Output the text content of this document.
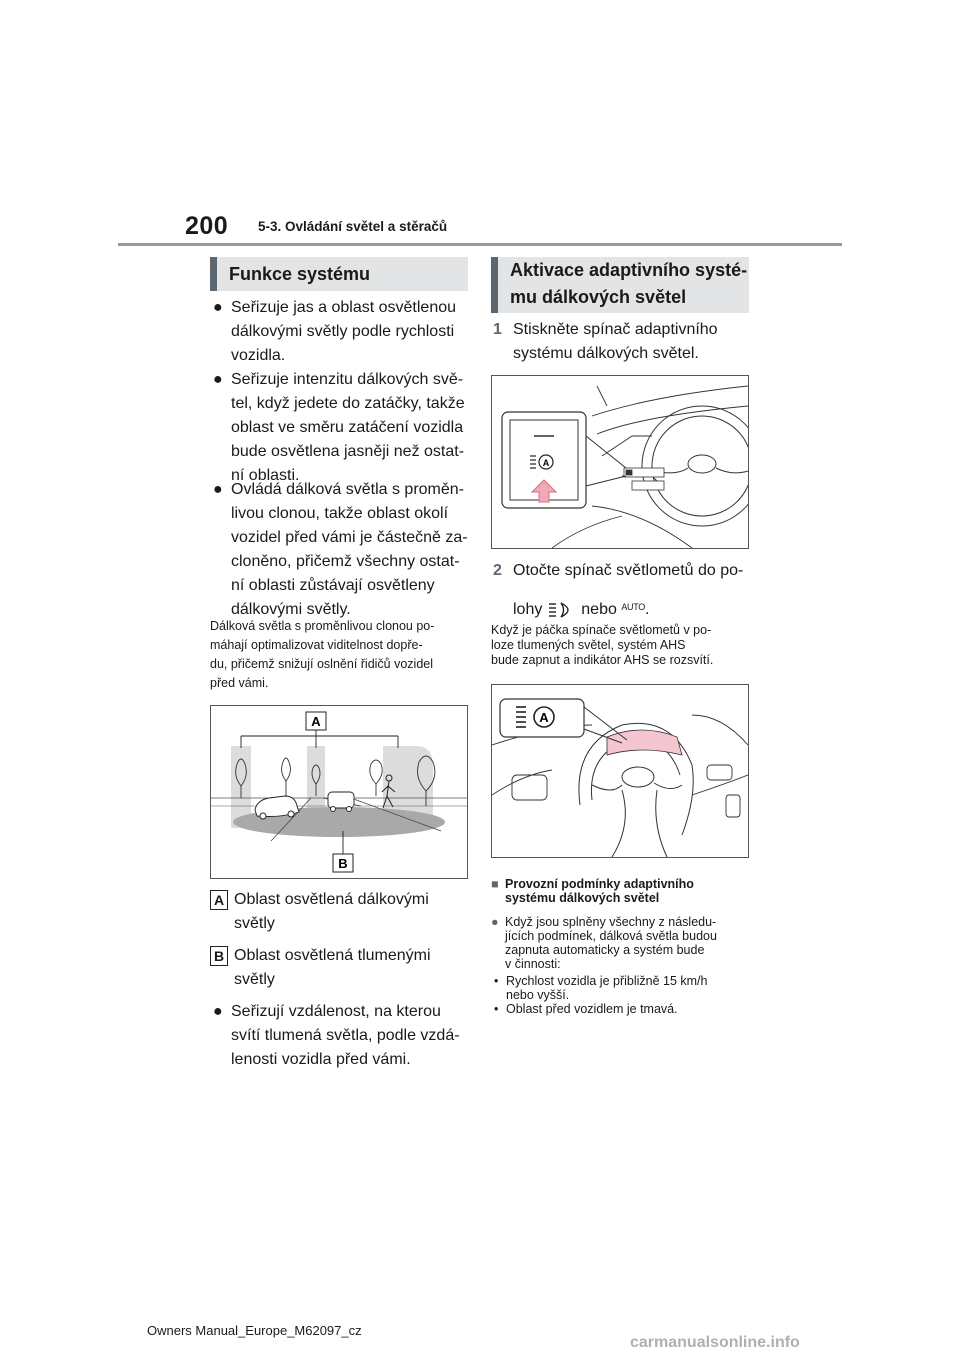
200 5-3. Ovládání světel a stěračů
Funkce systému
● Seřizuje jas a oblast osvětlenou
dálkovými světly podle rychlosti
vozidla.
● Seřizuje intenzitu dálkových svě-
tel, když jedete do zatáčky, takže
oblast ve směru zatáčení vozidla
bude osvětlena jasněji než ostat-
ní oblasti.
● Ovládá dálková světla s proměn-
livou clonou, takže oblast okolí
vozidel před vámi je částečně za-
cloněno, přičemž všechny ostat-
ní oblasti zůstávají osvětleny
dálkovými světly.
Dálková světla s proměnlivou clonou po-
máhají optimalizovat viditelnost dopře-
du, přičemž snižují oslnění řidičů vozidel
před vámi.
A
B
A Oblast osvětlená dálkovými
světly
B Oblast osvětlená tlumenými
světly
● Seřizují vzdálenost, na kterou
svítí tlumená světla, podle vzdá-
lenosti vozidla před vámi.
Aktivace adaptivního systé-
mu dálkových světel
1 Stiskněte spínač adaptivního
systému dálkových světel.
A
2 Otočte spínač světlometů do po-
lohy nebo $^{AUTO}$.
Když je páčka spínače světlometů v po-
loze tlumených světel, systém AHS
bude zapnut a indikátor AHS se rozsvítí.
A
■ Provozní podmínky adaptivního
systému dálkových světel
● Když jsou splněny všechny z následu-
jících podmínek, dálková světla budou
zapnuta automaticky a systém bude
v činnosti:
• Rychlost vozidla je přibližně 15 km/h
nebo vyšší.
• Oblast před vozidlem je tmavá.
Owners Manual_Europe_M62097_cz
carmanualsonline.info
